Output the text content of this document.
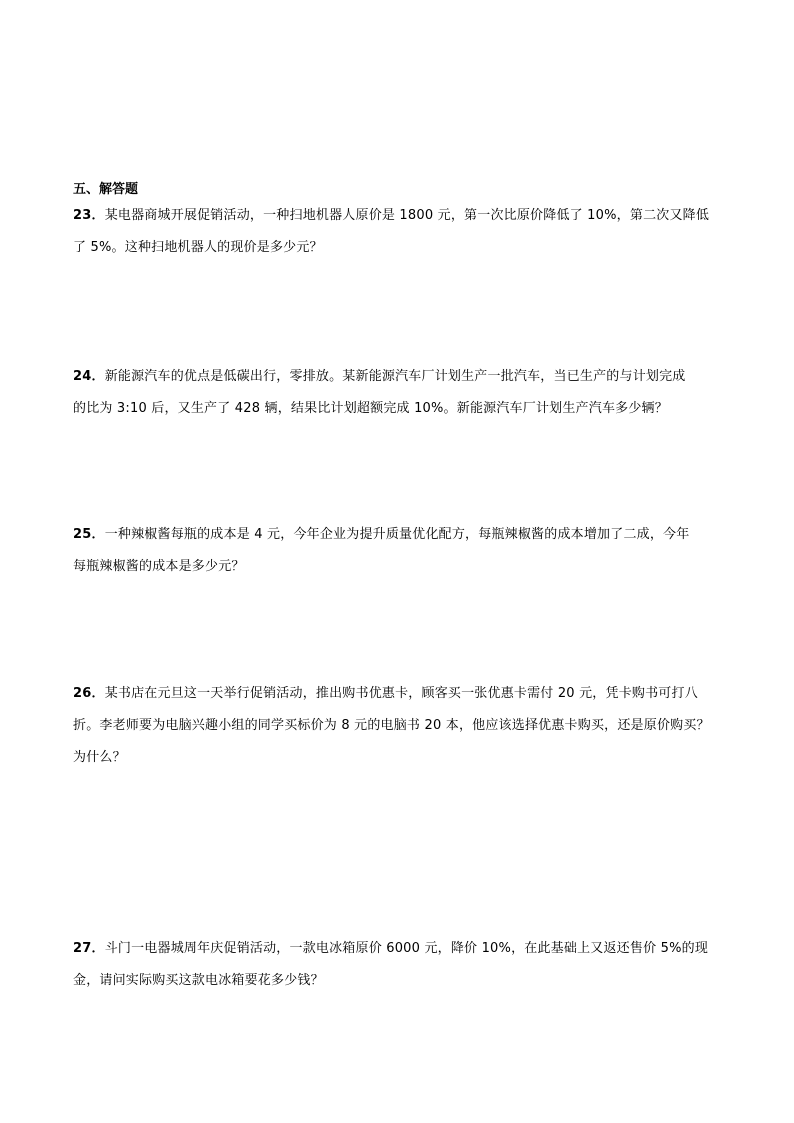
五、解答题
23．某电器商城开展促销活动，一种扫地机器人原价是 1800 元，第一次比原价降低了 10%，第二次又降低
了 5%。这种扫地机器人的现价是多少元？
24．新能源汽车的优点是低碳出行，零排放。某新能源汽车厂计划生产一批汽车，当已生产的与计划完成
的比为 3:10 后，又生产了 428 辆，结果比计划超额完成 10%。新能源汽车厂计划生产汽车多少辆？
25．一种辣椒酱每瓶的成本是 4 元，今年企业为提升质量优化配方，每瓶辣椒酱的成本增加了二成，今年
每瓶辣椒酱的成本是多少元？
26．某书店在元旦这一天举行促销活动，推出购书优惠卡，顾客买一张优惠卡需付 20 元，凭卡购书可打八
折。李老师要为电脑兴趣小组的同学买标价为 8 元的电脑书 20 本，他应该选择优惠卡购买，还是原价购买？
为什么？
27．斗门一电器城周年庆促销活动，一款电冰箱原价 6000 元，降价 10%，在此基础上又返还售价 5%的现
金，请问实际购买这款电冰箱要花多少钱？
